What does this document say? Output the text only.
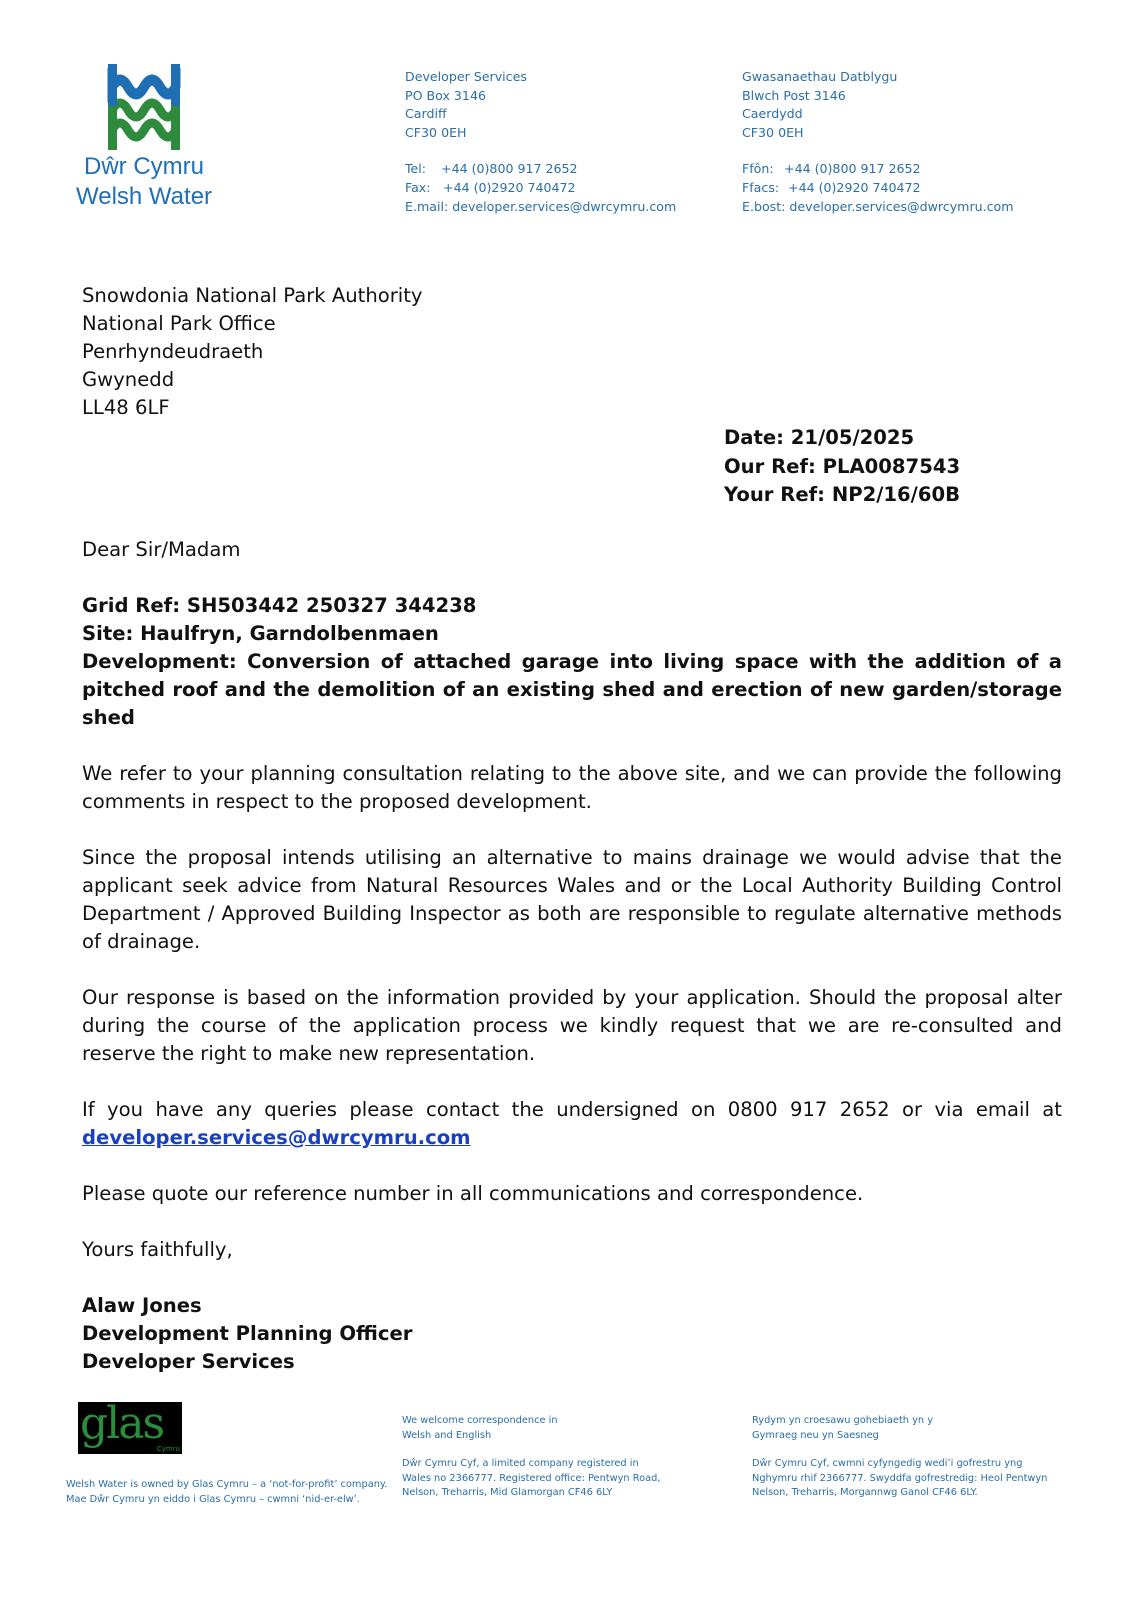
Dŵr Cymru
Welsh Water
Developer Services
PO Box 3146
Cardiff
CF30 0EH
Tel: +44 (0)800 917 2652
Fax: +44 (0)2920 740472
E.mail: developer.services@dwrcymru.com
Gwasanaethau Datblygu
Blwch Post 3146
Caerdydd
CF30 0EH
Ffôn: +44 (0)800 917 2652
Ffacs: +44 (0)2920 740472
E.bost: developer.services@dwrcymru.com
Snowdonia National Park Authority
National Park Office
Penrhyndeudraeth
Gwynedd
LL48 6LF
Date: 21/05/2025
Our Ref: PLA0087543
Your Ref: NP2/16/60B

Dear Sir/Madam

Grid Ref: SH503442 250327 344238

Site: Haulfryn, Garndolbenmaen

Development: Conversion of attached garage into living space with the addition of a pitched roof and the demolition of an existing shed and erection of new garden/storage shed

We refer to your planning consultation relating to the above site, and we can provide the following comments in respect to the proposed development.

Since the proposal intends utilising an alternative to mains drainage we would advise that the applicant seek advice from Natural Resources Wales and or the Local Authority Building Control Department / Approved Building Inspector as both are responsible to regulate alternative methods of drainage.

Our response is based on the information provided by your application. Should the proposal alter during the course of the application process we kindly request that we are re-consulted and reserve the right to make new representation.

If you have any queries please contact the undersigned on 0800 917 2652 or via email at developer.services@dwrcymru.com

Please quote our reference number in all communications and correspondence.

Yours faithfully,

Alaw Jones

Development Planning Officer

Developer Services

glas
Cymru
Welsh Water is owned by Glas Cymru – a ‘not-for-profit’ company.
Mae Dŵr Cymru yn eiddo i Glas Cymru – cwmni ‘nid-er-elw’.
We welcome correspondence in
Welsh and English
Dŵr Cymru Cyf, a limited company registered in
Wales no 2366777. Registered office: Pentwyn Road,
Nelson, Treharris, Mid Glamorgan CF46 6LY
Rydym yn croesawu gohebiaeth yn y
Gymraeg neu yn Saesneg
Dŵr Cymru Cyf, cwmni cyfyngedig wedi’i gofrestru yng
Nghymru rhif 2366777. Swyddfa gofrestredig: Heol Pentwyn
Nelson, Treharris, Morgannwg Ganol CF46 6LY.
